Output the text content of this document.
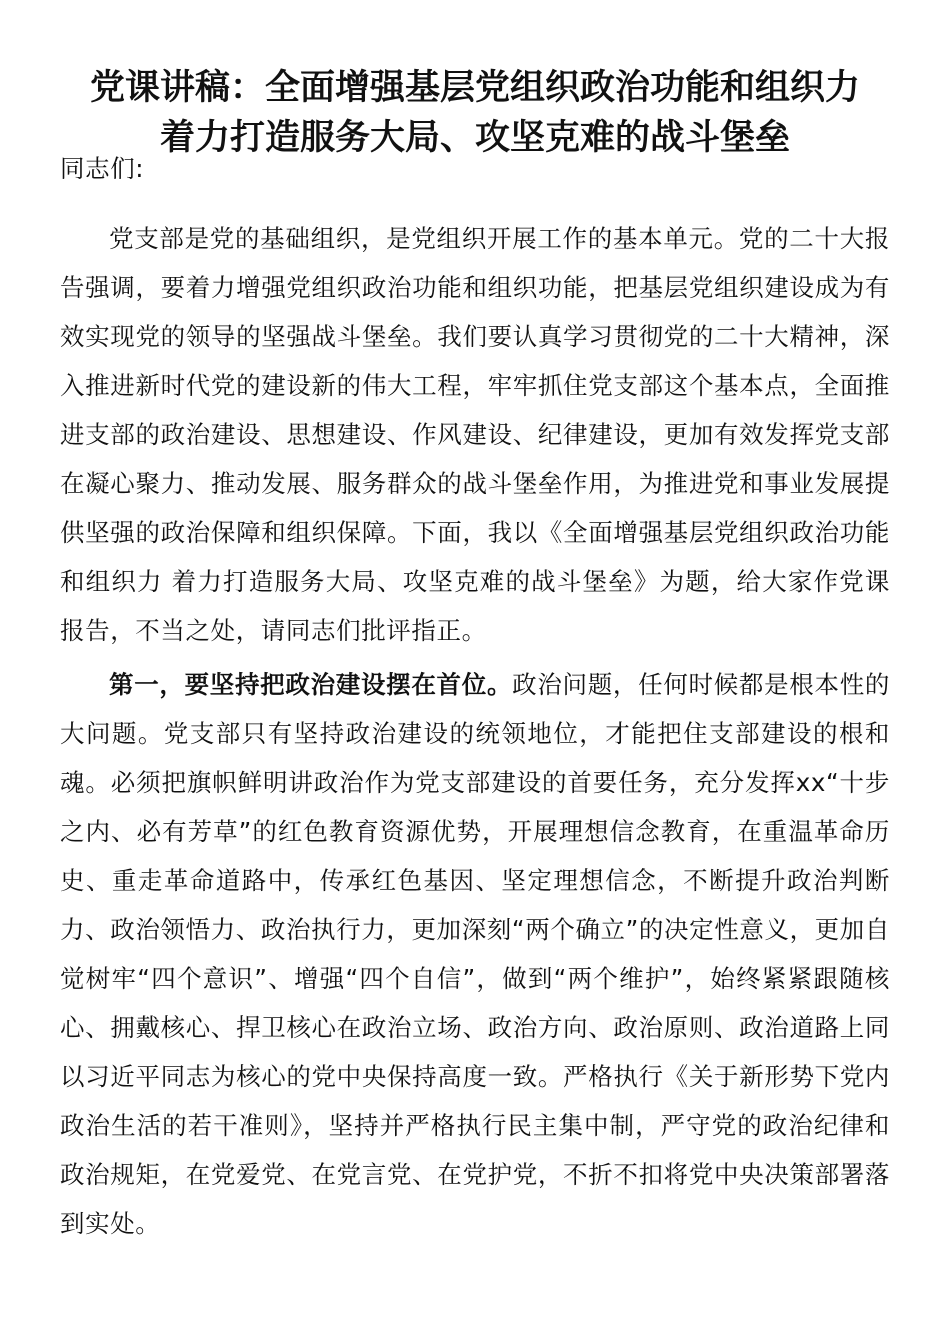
党课讲稿：全面增强基层党组织政治功能和组织力
着力打造服务大局、攻坚克难的战斗堡垒

同志们:

党支部是党的基础组织，是党组织开展工作的基本单元。党的二十大报告强调，要着力增强党组织政治功能和组织功能，把基层党组织建设成为有效实现党的领导的坚强战斗堡垒。我们要认真学习贯彻党的二十大精神，深入推进新时代党的建设新的伟大工程，牢牢抓住党支部这个基本点，全面推进支部的政治建设、思想建设、作风建设、纪律建设，更加有效发挥党支部在凝心聚力、推动发展、服务群众的战斗堡垒作用，为推进党和事业发展提供坚强的政治保障和组织保障。下面，我以《全面增强基层党组织政治功能和组织力 着力打造服务大局、攻坚克难的战斗堡垒》为题，给大家作党课报告，不当之处，请同志们批评指正。

第一，要坚持把政治建设摆在首位。政治问题，任何时候都是根本性的大问题。党支部只有坚持政治建设的统领地位，才能把住支部建设的根和魂。必须把旗帜鲜明讲政治作为党支部建设的首要任务，充分发挥xx“十步之内、必有芳草”的红色教育资源优势，开展理想信念教育，在重温革命历史、重走革命道路中，传承红色基因、坚定理想信念，不断提升政治判断力、政治领悟力、政治执行力，更加深刻“两个确立”的决定性意义，更加自觉树牢“四个意识”、增强“四个自信”，做到“两个维护”，始终紧紧跟随核心、拥戴核心、捍卫核心在政治立场、政治方向、政治原则、政治道路上同以习近平同志为核心的党中央保持高度一致。严格执行《关于新形势下党内政治生活的若干准则》，坚持并严格执行民主集中制，严守党的政治纪律和政治规矩，在党爱党、在党言党、在党护党，不折不扣将党中央决策部署落到实处。
